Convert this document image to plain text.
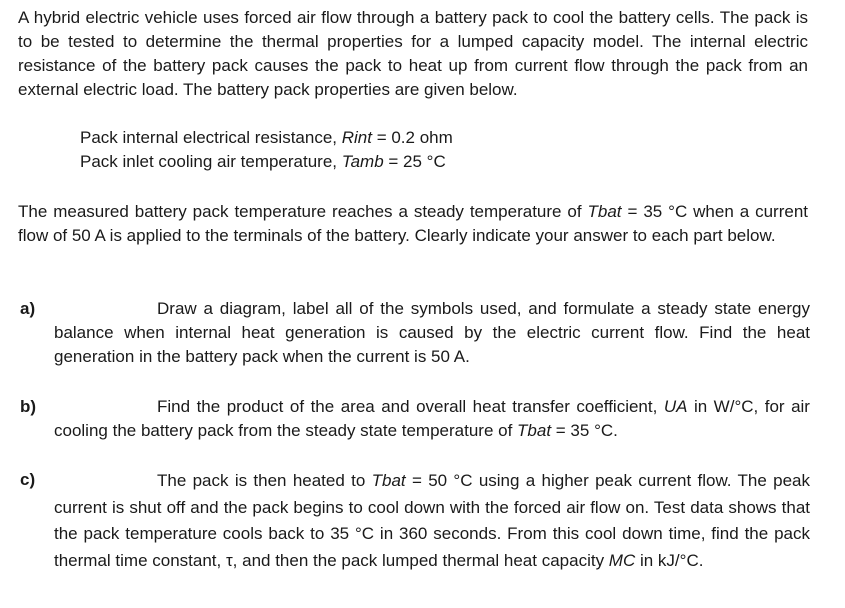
A hybrid electric vehicle uses forced air flow through a battery pack to cool the battery cells. The pack is to be tested to determine the thermal properties for a lumped capacity model. The internal electric resistance of the battery pack causes the pack to heat up from current flow through the pack from an external electric load. The battery pack properties are given below.
Pack internal electrical resistance, Rint = 0.2 ohm
Pack inlet cooling air temperature, Tamb = 25 °C
The measured battery pack temperature reaches a steady temperature of Tbat = 35 °C when a current flow of 50 A is applied to the terminals of the battery. Clearly indicate your answer to each part below.
a)	Draw a diagram, label all of the symbols used, and formulate a steady state energy balance when internal heat generation is caused by the electric current flow. Find the heat generation in the battery pack when the current is 50 A.
b)	Find the product of the area and overall heat transfer coefficient, UA in W/°C, for air cooling the battery pack from the steady state temperature of Tbat = 35 °C.
c)	The pack is then heated to Tbat = 50 °C using a higher peak current flow. The peak current is shut off and the pack begins to cool down with the forced air flow on. Test data shows that the pack temperature cools back to 35 °C in 360 seconds. From this cool down time, find the pack thermal time constant, τ, and then the pack lumped thermal heat capacity MC in kJ/°C.
